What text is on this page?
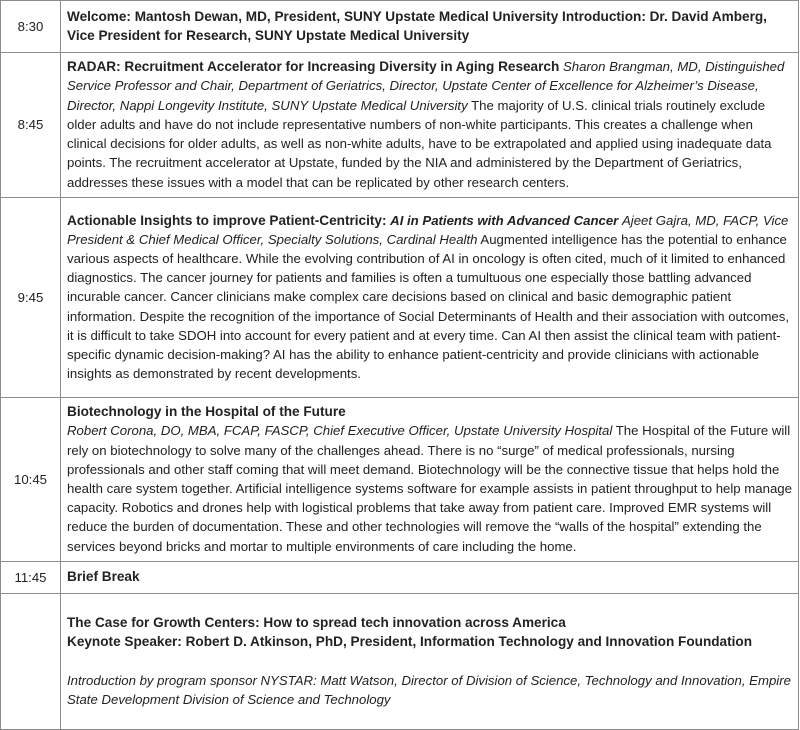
8:30	Welcome: Mantosh Dewan, MD, President, SUNY Upstate Medical University Introduction: Dr. David Amberg, Vice President for Research, SUNY Upstate Medical University
8:45	RADAR: Recruitment Accelerator for Increasing Diversity in Aging Research Sharon Brangman, MD, Distinguished Service Professor and Chair, Department of Geriatrics, Director, Upstate Center of Excellence for Alzheimer’s Disease, Director, Nappi Longevity Institute, SUNY Upstate Medical University The majority of U.S. clinical trials routinely exclude older adults and have do not include representative numbers of non-white participants. This creates a challenge when clinical decisions for older adults, as well as non-white adults, have to be extrapolated and applied using inadequate data points. The recruitment accelerator at Upstate, funded by the NIA and administered by the Department of Geriatrics, addresses these issues with a model that can be replicated by other research centers.
9:45	Actionable Insights to improve Patient-Centricity: AI in Patients with Advanced Cancer Ajeet Gajra, MD, FACP, Vice President & Chief Medical Officer, Specialty Solutions, Cardinal Health Augmented intelligence has the potential to enhance various aspects of healthcare. While the evolving contribution of AI in oncology is often cited, much of it limited to enhanced diagnostics. The cancer journey for patients and families is often a tumultuous one especially those battling advanced incurable cancer. Cancer clinicians make complex care decisions based on clinical and basic demographic patient information. Despite the recognition of the importance of Social Determinants of Health and their association with outcomes, it is difficult to take SDOH into account for every patient and at every time. Can AI then assist the clinical team with patient-specific dynamic decision-making? AI has the ability to enhance patient-centricity and provide clinicians with actionable insights as demonstrated by recent developments.
10:45	Biotechnology in the Hospital of the Future
Robert Corona, DO, MBA, FCAP, FASCP, Chief Executive Officer, Upstate University Hospital The Hospital of the Future will rely on biotechnology to solve many of the challenges ahead. There is no “surge” of medical professionals, nursing professionals and other staff coming that will meet demand. Biotechnology will be the connective tissue that helps hold the health care system together. Artificial intelligence systems software for example assists in patient throughput to help manage capacity. Robotics and drones help with logistical problems that take away from patient care. Improved EMR systems will reduce the burden of documentation. These and other technologies will remove the “walls of the hospital” extending the services beyond bricks and mortar to multiple environments of care including the home.
11:45	Brief Break

	The Case for Growth Centers: How to spread tech innovation across America
Keynote Speaker: Robert D. Atkinson, PhD, President, Information Technology and Innovation Foundation
Introduction by program sponsor NYSTAR: Matt Watson, Director of Division of Science, Technology and Innovation, Empire State Development Division of Science and Technology
